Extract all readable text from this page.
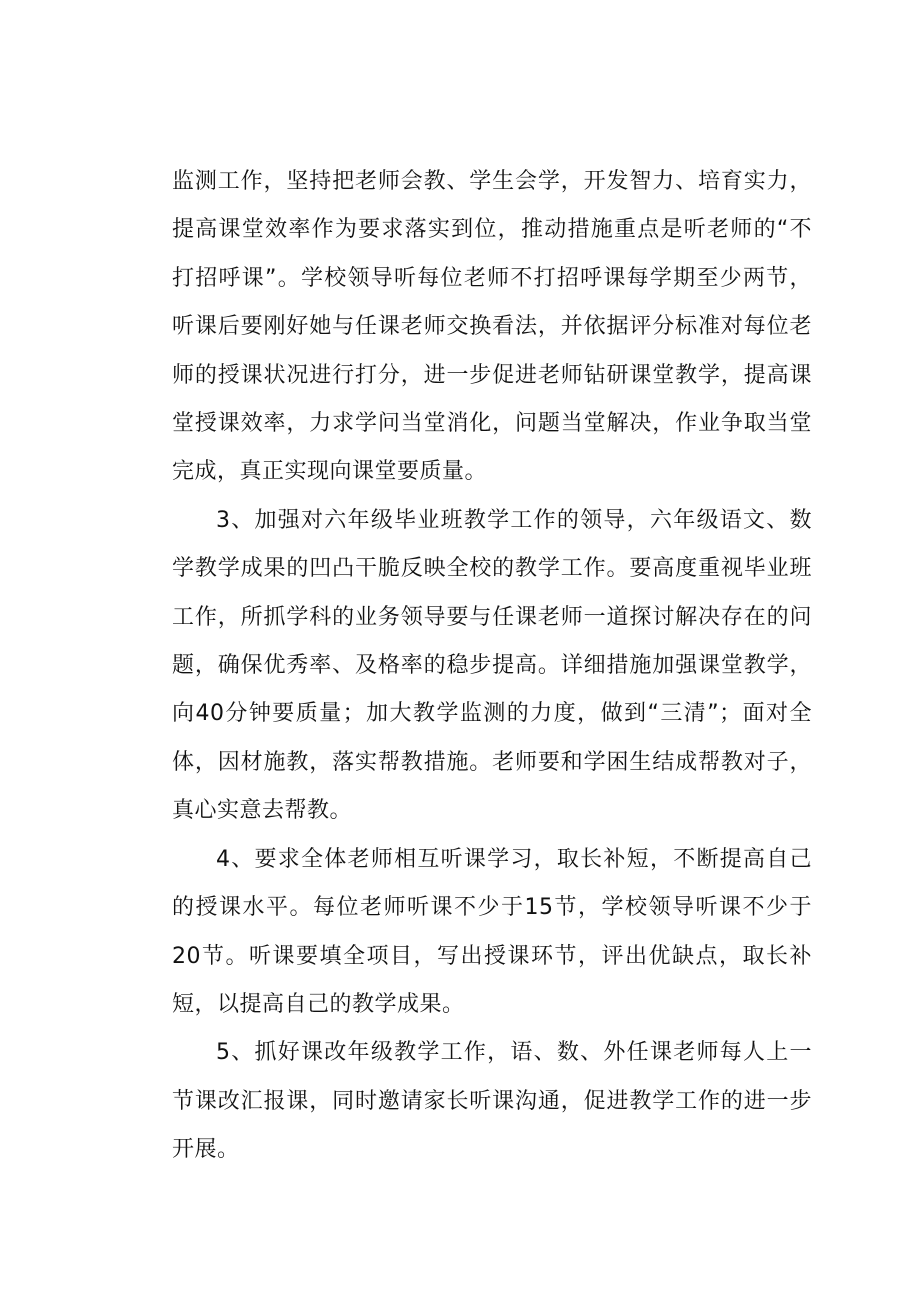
监测工作，坚持把老师会教、学生会学，开发智力、培育实力，提高课堂效率作为要求落实到位，推动措施重点是听老师的“不打招呼课”。学校领导听每位老师不打招呼课每学期至少两节，听课后要刚好她与任课老师交换看法，并依据评分标准对每位老师的授课状况进行打分，进一步促进老师钻研课堂教学，提高课堂授课效率，力求学问当堂消化，问题当堂解决，作业争取当堂完成，真正实现向课堂要质量。

3、加强对六年级毕业班教学工作的领导，六年级语文、数学教学成果的凹凸干脆反映全校的教学工作。要高度重视毕业班工作，所抓学科的业务领导要与任课老师一道探讨解决存在的问题，确保优秀率、及格率的稳步提高。详细措施加强课堂教学，向40分钟要质量；加大教学监测的力度，做到“三清”；面对全体，因材施教，落实帮教措施。老师要和学困生结成帮教对子，真心实意去帮教。

4、要求全体老师相互听课学习，取长补短，不断提高自己的授课水平。每位老师听课不少于15节，学校领导听课不少于20节。听课要填全项目，写出授课环节，评出优缺点，取长补短，以提高自己的教学成果。

5、抓好课改年级教学工作，语、数、外任课老师每人上一节课改汇报课，同时邀请家长听课沟通，促进教学工作的进一步开展。
